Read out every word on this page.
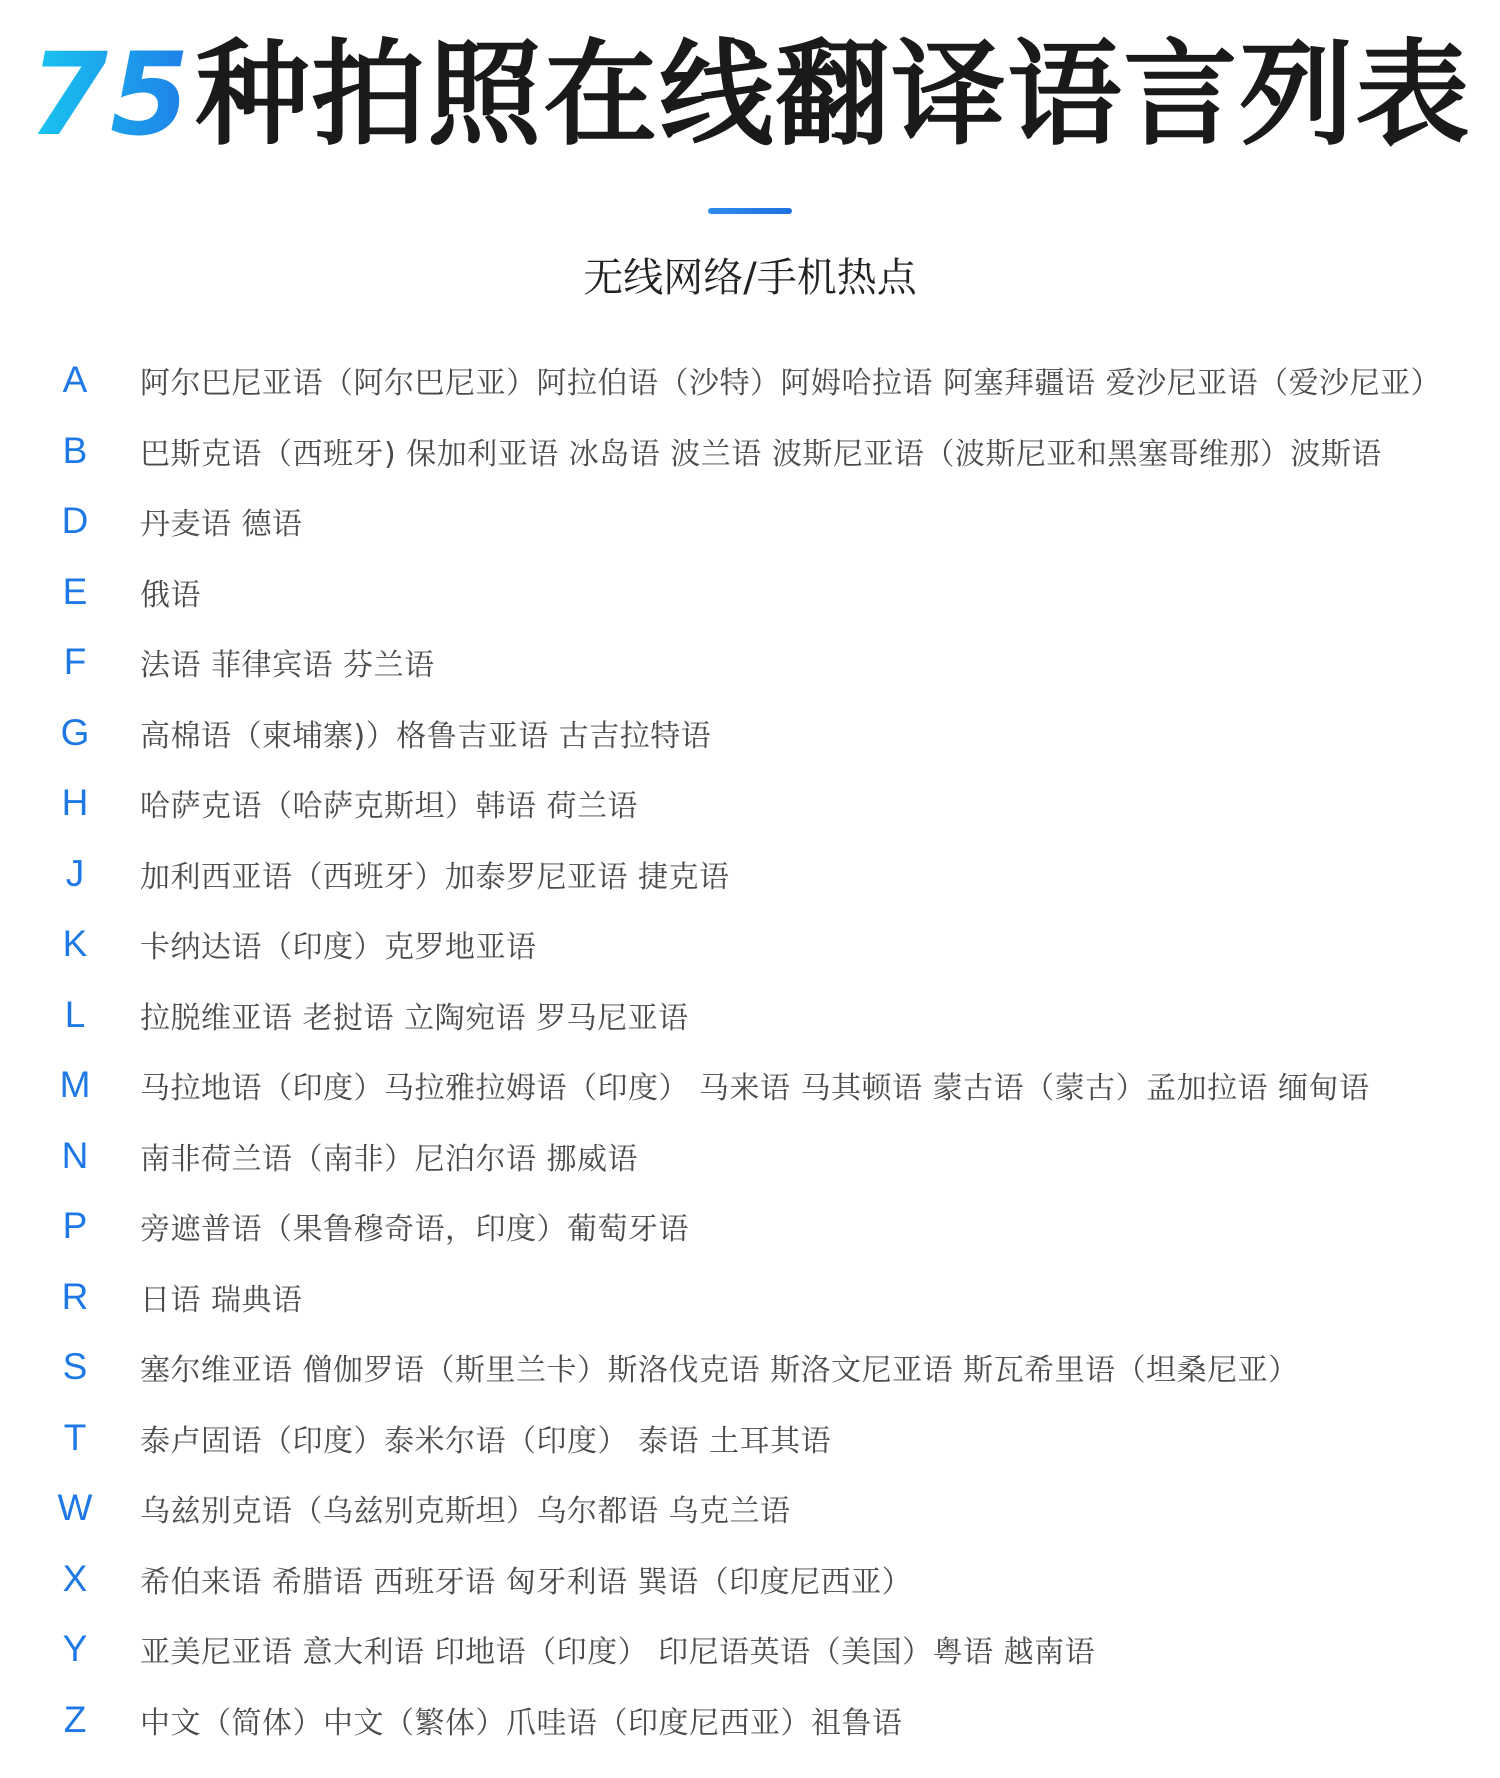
75种拍照在线翻译语言列表
无线网络/手机热点
A	阿尔巴尼亚语（阿尔巴尼亚）阿拉伯语（沙特）阿姆哈拉语 阿塞拜疆语 爱沙尼亚语（爱沙尼亚）
B	巴斯克语（西班牙) 保加利亚语 冰岛语 波兰语 波斯尼亚语（波斯尼亚和黑塞哥维那）波斯语
D	丹麦语 德语
E	俄语
F	法语 菲律宾语 芬兰语
G	高棉语（柬埔寨)）格鲁吉亚语 古吉拉特语
H	哈萨克语（哈萨克斯坦）韩语 荷兰语
J	加利西亚语（西班牙）加泰罗尼亚语 捷克语
K	卡纳达语（印度）克罗地亚语
L	拉脱维亚语 老挝语 立陶宛语 罗马尼亚语
M	马拉地语（印度）马拉雅拉姆语（印度） 马来语 马其顿语 蒙古语（蒙古）孟加拉语 缅甸语
N	南非荷兰语（南非）尼泊尔语 挪威语
P	旁遮普语（果鲁穆奇语，印度）葡萄牙语
R	日语 瑞典语
S	塞尔维亚语 僧伽罗语（斯里兰卡）斯洛伐克语 斯洛文尼亚语 斯瓦希里语（坦桑尼亚）
T	泰卢固语（印度）泰米尔语（印度） 泰语 土耳其语
W	乌兹别克语（乌兹别克斯坦）乌尔都语 乌克兰语
X	希伯来语 希腊语 西班牙语 匈牙利语 巽语（印度尼西亚）
Y	亚美尼亚语 意大利语 印地语（印度） 印尼语英语（美国）粤语 越南语
Z	中文（简体）中文（繁体）爪哇语（印度尼西亚）祖鲁语
